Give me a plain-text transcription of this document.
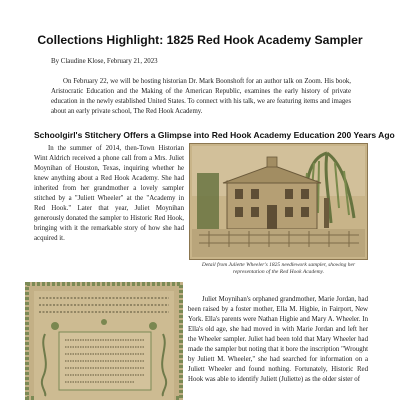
Collections Highlight: 1825 Red Hook Academy Sampler
By Claudine Klose, February 21, 2023
On February 22, we will be hosting historian Dr. Mark Boonshoft for an author talk on Zoom. His book, Aristocratic Education and the Making of the American Republic, examines the early history of private education in the newly established United States. To connect with his talk, we are featuring items and images about an early private school, The Red Hook Academy.
Schoolgirl's Stitchery Offers a Glimpse into Red Hook Academy Education 200 Years Ago
In the summer of 2014, then-Town Historian Wint Aldrich received a phone call from a Mrs. Juliet Moynihan of Houston, Texas, inquiring whether he knew anything about a Red Hook Academy. She had inherited from her grandmother a lovely sampler stitched by a "Juliett Wheeler" at the "Academy in Red Hook." Later that year, Juliet Moynihan generously donated the sampler to Historic Red Hook, bringing with it the remarkable story of how she had acquired it.
Detail from Juliette Wheeler's 1825 needlework sampler, showing her representation of the Red Hook Academy.
Juliet Moynihan's orphaned grandmother, Marie Jordan, had been raised by a foster mother, Ella M. Higbie, in Fairport, New York. Ella's parents were Nathan Higbie and Mary A. Wheeler. In Ella's old age, she had moved in with Marie Jordan and left her the Wheeler sampler. Juliet had been told that Mary Wheeler had made the sampler but noting that it bore the inscription "Wrought by Juliett M. Wheeler," she had searched for information on a Juliett Wheeler and found nothing. Fortunately, Historic Red Hook was able to identify Juliett (Juliette) as the older sister of
